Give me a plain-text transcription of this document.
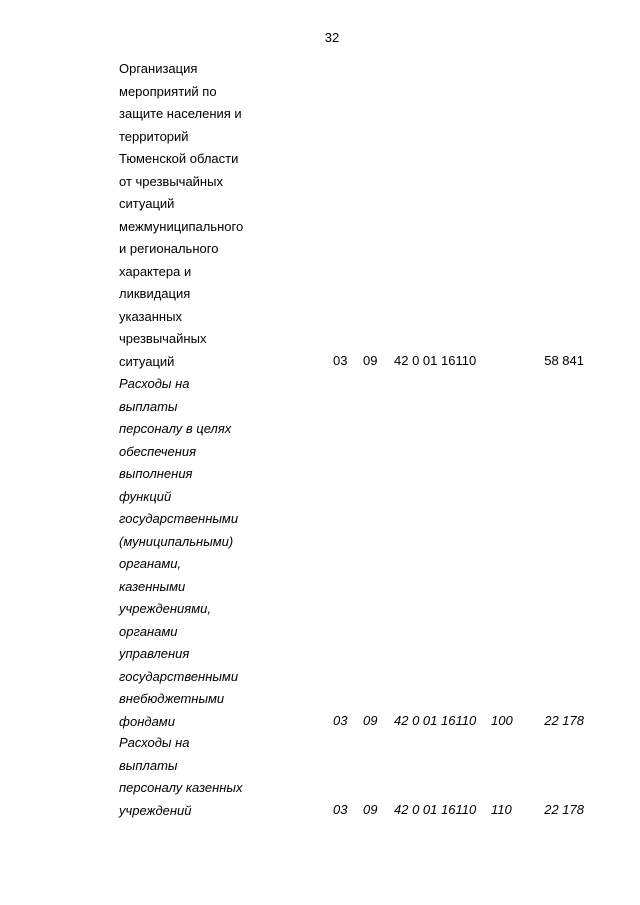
32
Организация
мероприятий по
защите населения и
территорий
Тюменской области
от чрезвычайных
ситуаций
межмуниципального
и регионального
характера и
ликвидация
указанных
чрезвычайных
ситуаций	03 09 42 0 01 16110	58 841
Расходы на
выплаты
персоналу в целях
обеспечения
выполнения
функций
государственными
(муниципальными)
органами,
казенными
учреждениями,
органами
управления
государственными
внебюджетными
фондами	03 09 42 0 01 16110 100 22 178
Расходы на
выплаты
персоналу казенных
учреждений	03 09 42 0 01 16110 110	22 178
